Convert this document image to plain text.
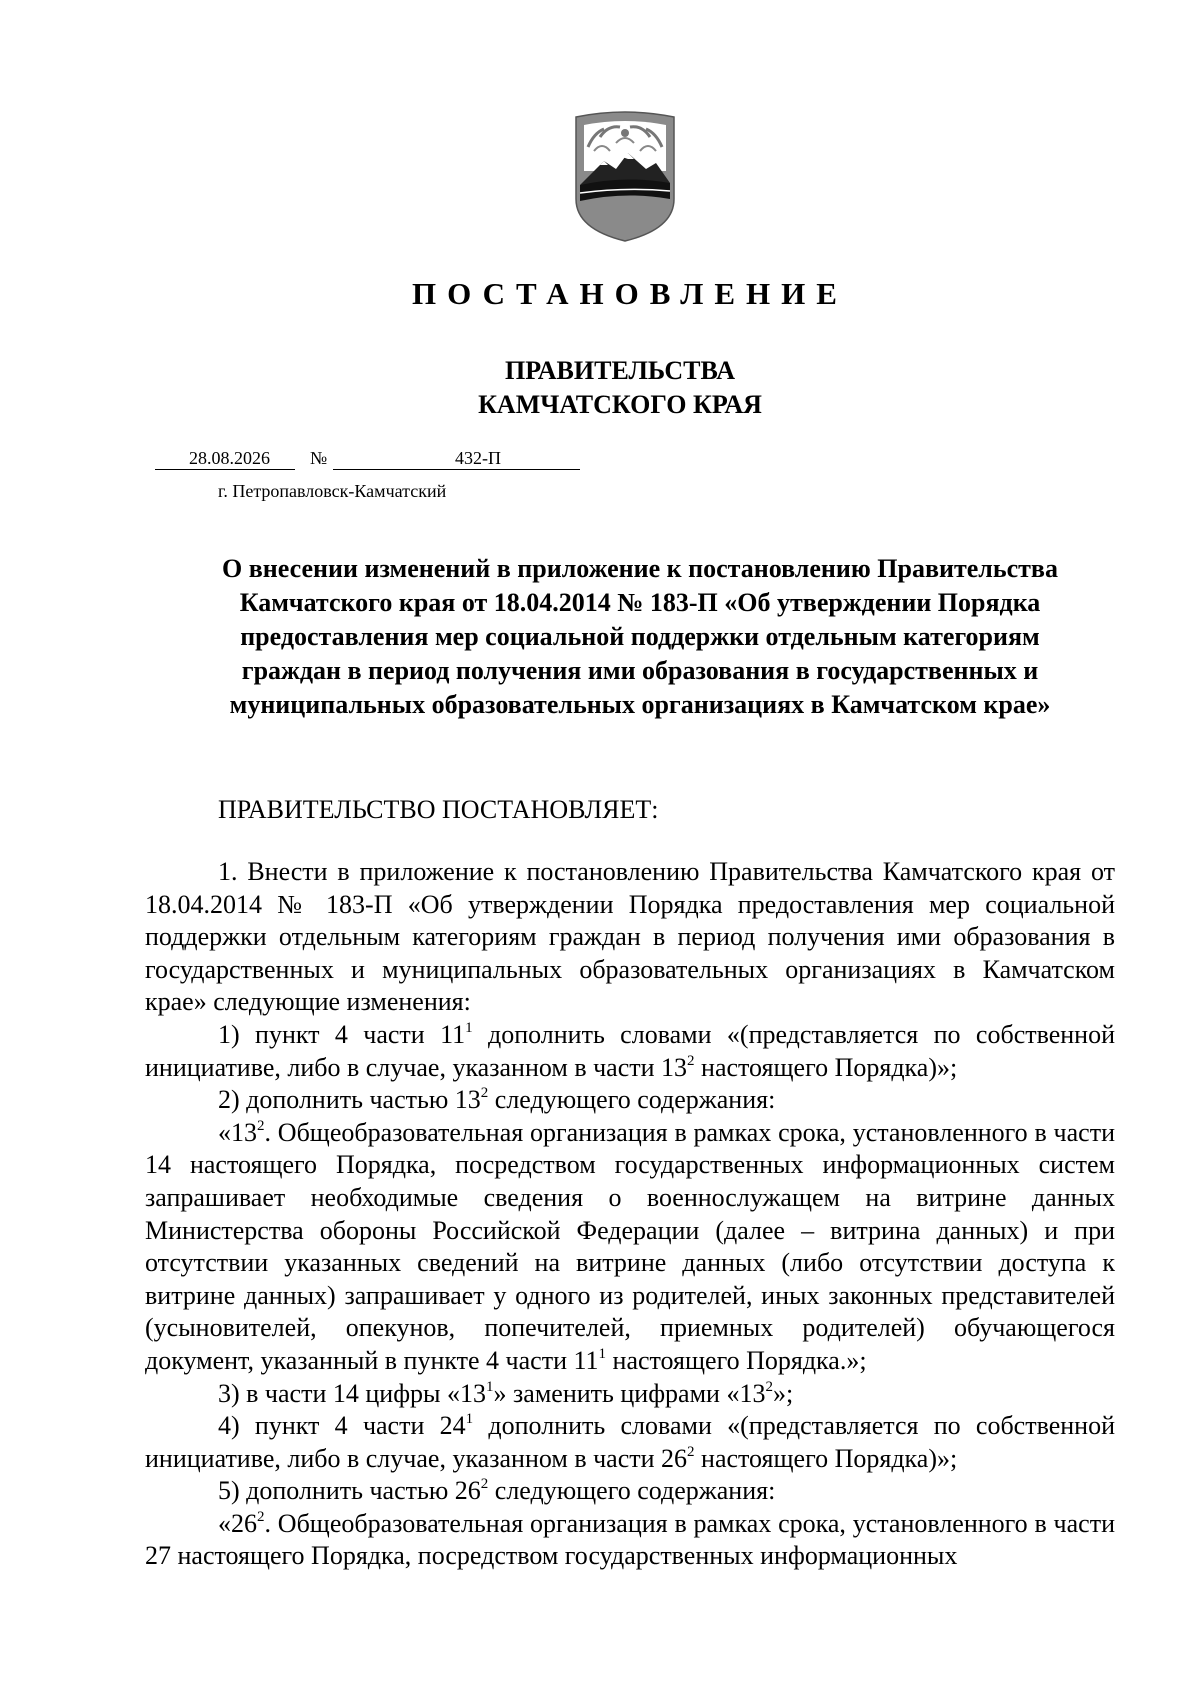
ПОСТАНОВЛЕНИЕ
ПРАВИТЕЛЬСТВА
КАМЧАТСКОГО КРАЯ
28.08.2026 №	432-П
г. Петропавловск-Камчатский
О внесении изменений в приложение к постановлению Правительства
Камчатского края от 18.04.2014 № 183-П «Об утверждении Порядка
предоставления мер социальной поддержки отдельным категориям
граждан в период получения ими образования в государственных и
муниципальных образовательных организациях в Камчатском крае»
ПРАВИТЕЛЬСТВО ПОСТАНОВЛЯЕТ:

1. Внести в приложение к постановлению Правительства Камчатского края от 18.04.2014 № 183-П «Об утверждении Порядка предоставления мер социальной поддержки отдельным категориям граждан в период получения ими образования в государственных и муниципальных образовательных организациях в Камчатском крае» следующие изменения:

1) пункт 4 части $11^1$ дополнить словами «(представляется по собственной инициативе, либо в случае, указанном в части $13^2$ настоящего Порядка)»;

2) дополнить частью $13^2$ следующего содержания:

«$13^2$. Общеобразовательная организация в рамках срока, установленного в части 14 настоящего Порядка, посредством государственных информационных систем запрашивает необходимые сведения о военнослужащем на витрине данных Министерства обороны Российской Федерации (далее – витрина данных) и при отсутствии указанных сведений на витрине данных (либо отсутствии доступа к витрине данных) запрашивает у одного из родителей, иных законных представителей (усыновителей, опекунов, попечителей, приемных родителей) обучающегося документ, указанный в пункте 4 части $11^1$ настоящего Порядка.»;

3) в части 14 цифры «$13^1$» заменить цифрами «$13^2$»;

4) пункт 4 части $24^1$ дополнить словами «(представляется по собственной инициативе, либо в случае, указанном в части $26^2$ настоящего Порядка)»;

5) дополнить частью $26^2$ следующего содержания:

«$26^2$. Общеобразовательная организация в рамках срока, установленного в части 27 настоящего Порядка, посредством государственных информационных
